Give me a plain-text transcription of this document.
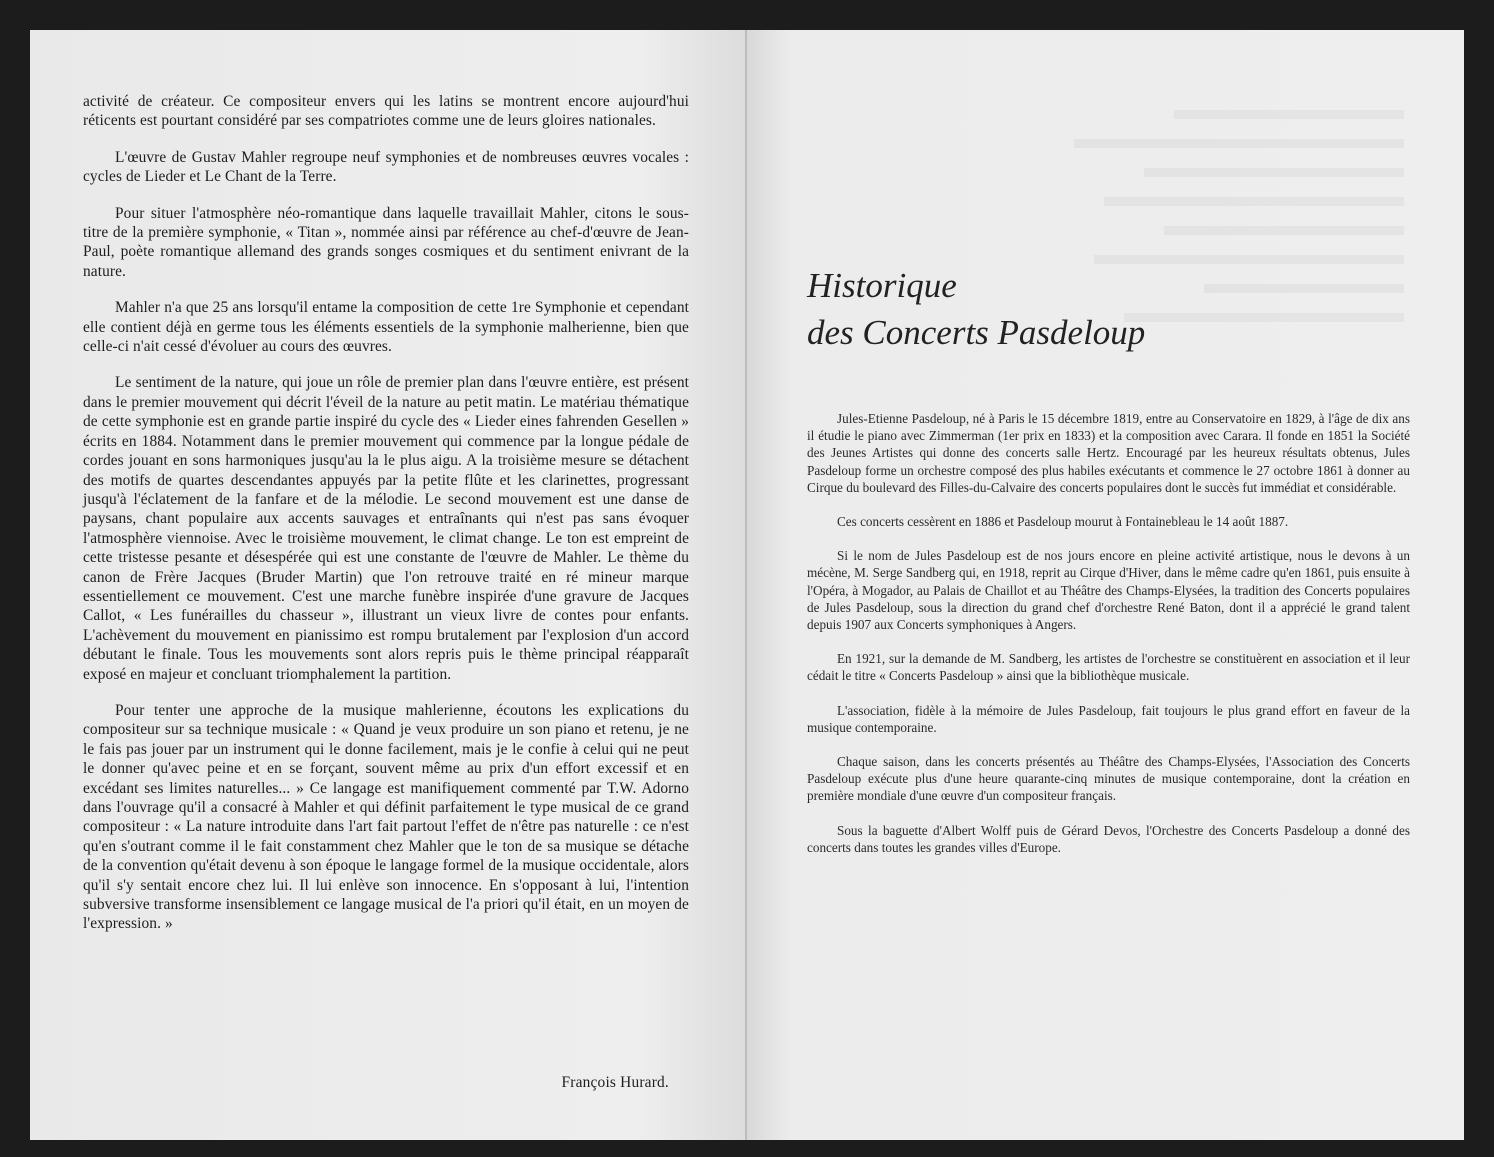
activité de créateur. Ce compositeur envers qui les latins se montrent encore aujourd'hui réticents est pourtant considéré par ses compatriotes comme une de leurs gloires nationales.

L'œuvre de Gustav Mahler regroupe neuf symphonies et de nombreuses œuvres vocales : cycles de Lieder et Le Chant de la Terre.

Pour situer l'atmosphère néo-romantique dans laquelle travaillait Mahler, citons le sous-titre de la première symphonie, « Titan », nommée ainsi par référence au chef-d'œuvre de Jean-Paul, poète romantique allemand des grands songes cosmiques et du sentiment enivrant de la nature.

Mahler n'a que 25 ans lorsqu'il entame la composition de cette 1re Symphonie et cependant elle contient déjà en germe tous les éléments essentiels de la symphonie malherienne, bien que celle-ci n'ait cessé d'évoluer au cours des œuvres.

Le sentiment de la nature, qui joue un rôle de premier plan dans l'œuvre entière, est présent dans le premier mouvement qui décrit l'éveil de la nature au petit matin. Le matériau thématique de cette symphonie est en grande partie inspiré du cycle des « Lieder eines fahrenden Gesellen » écrits en 1884. Notamment dans le premier mouvement qui commence par la longue pédale de cordes jouant en sons harmoniques jusqu'au la le plus aigu. A la troisième mesure se détachent des motifs de quartes descendantes appuyés par la petite flûte et les clarinettes, progressant jusqu'à l'éclatement de la fanfare et de la mélodie. Le second mouvement est une danse de paysans, chant populaire aux accents sauvages et entraînants qui n'est pas sans évoquer l'atmosphère viennoise. Avec le troisième mouvement, le climat change. Le ton est empreint de cette tristesse pesante et désespérée qui est une constante de l'œuvre de Mahler. Le thème du canon de Frère Jacques (Bruder Martin) que l'on retrouve traité en ré mineur marque essentiellement ce mouvement. C'est une marche funèbre inspirée d'une gravure de Jacques Callot, « Les funérailles du chasseur », illustrant un vieux livre de contes pour enfants. L'achèvement du mouvement en pianissimo est rompu brutalement par l'explosion d'un accord débutant le finale. Tous les mouvements sont alors repris puis le thème principal réapparaît exposé en majeur et concluant triomphalement la partition.

Pour tenter une approche de la musique mahlerienne, écoutons les explications du compositeur sur sa technique musicale : « Quand je veux produire un son piano et retenu, je ne le fais pas jouer par un instrument qui le donne facilement, mais je le confie à celui qui ne peut le donner qu'avec peine et en se forçant, souvent même au prix d'un effort excessif et en excédant ses limites naturelles... » Ce langage est manifiquement commenté par T.W. Adorno dans l'ouvrage qu'il a consacré à Mahler et qui définit parfaitement le type musical de ce grand compositeur : « La nature introduite dans l'art fait partout l'effet de n'être pas naturelle : ce n'est qu'en s'outrant comme il le fait constamment chez Mahler que le ton de sa musique se détache de la convention qu'était devenu à son époque le langage formel de la musique occidentale, alors qu'il s'y sentait encore chez lui. Il lui enlève son innocence. En s'opposant à lui, l'intention subversive transforme insensiblement ce langage musical de l'a priori qu'il était, en un moyen de l'expression. »

François Hurard.
Historique
des Concerts Pasdeloup

Jules-Etienne Pasdeloup, né à Paris le 15 décembre 1819, entre au Conservatoire en 1829, à l'âge de dix ans il étudie le piano avec Zimmerman (1er prix en 1833) et la composition avec Carara. Il fonde en 1851 la Société des Jeunes Artistes qui donne des concerts salle Hertz. Encouragé par les heureux résultats obtenus, Jules Pasdeloup forme un orchestre composé des plus habiles exécutants et commence le 27 octobre 1861 à donner au Cirque du boulevard des Filles-du-Calvaire des concerts populaires dont le succès fut immédiat et considérable.

Ces concerts cessèrent en 1886 et Pasdeloup mourut à Fontainebleau le 14 août 1887.

Si le nom de Jules Pasdeloup est de nos jours encore en pleine activité artistique, nous le devons à un mécène, M. Serge Sandberg qui, en 1918, reprit au Cirque d'Hiver, dans le même cadre qu'en 1861, puis ensuite à l'Opéra, à Mogador, au Palais de Chaillot et au Théâtre des Champs-Elysées, la tradition des Concerts populaires de Jules Pasdeloup, sous la direction du grand chef d'orchestre René Baton, dont il a apprécié le grand talent depuis 1907 aux Concerts symphoniques à Angers.

En 1921, sur la demande de M. Sandberg, les artistes de l'orchestre se constituèrent en association et il leur cédait le titre « Concerts Pasdeloup » ainsi que la bibliothèque musicale.

L'association, fidèle à la mémoire de Jules Pasdeloup, fait toujours le plus grand effort en faveur de la musique contemporaine.

Chaque saison, dans les concerts présentés au Théâtre des Champs-Elysées, l'Association des Concerts Pasdeloup exécute plus d'une heure quarante-cinq minutes de musique contemporaine, dont la création en première mondiale d'une œuvre d'un compositeur français.

Sous la baguette d'Albert Wolff puis de Gérard Devos, l'Orchestre des Concerts Pasdeloup a donné des concerts dans toutes les grandes villes d'Europe.
